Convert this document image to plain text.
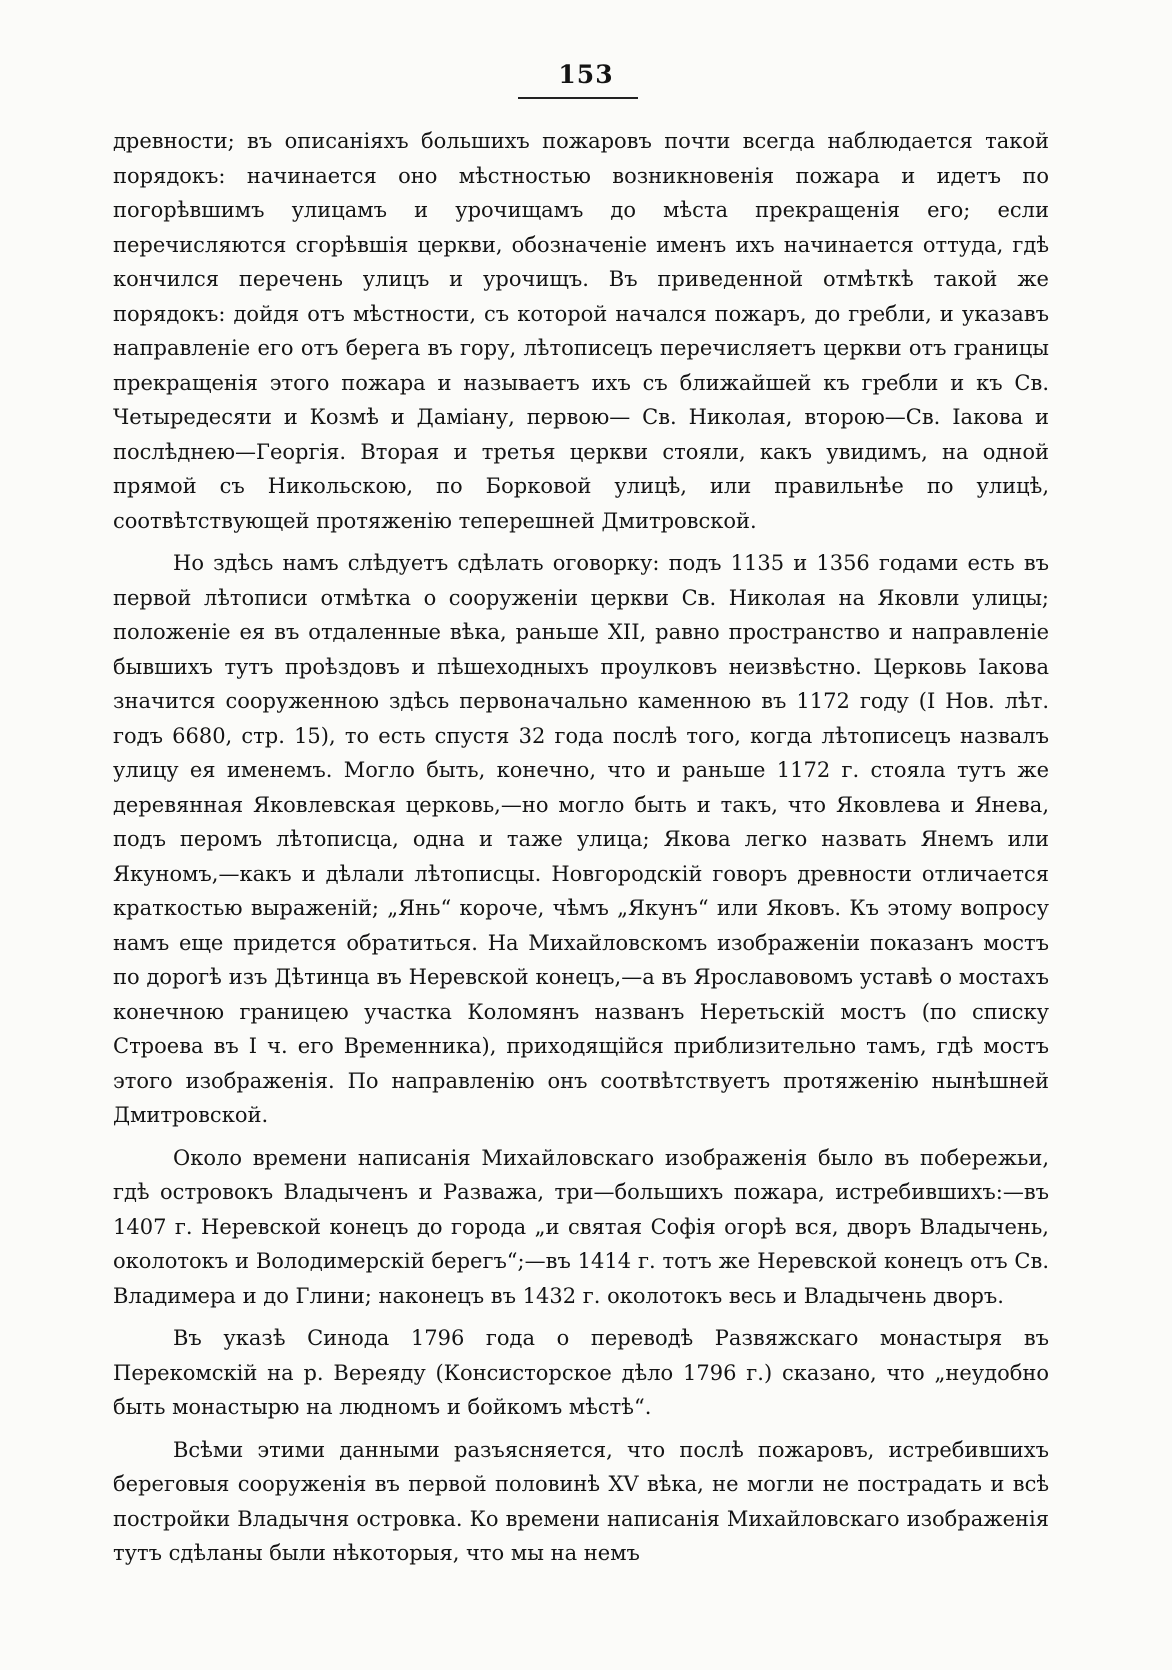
153

древности; въ описаніяхъ большихъ пожаровъ почти всегда наблюдается такой порядокъ: начинается оно мѣстностью возникновенія пожара и идетъ по погорѣвшимъ улицамъ и урочищамъ до мѣста прекращенія его; если перечисляются сгорѣвшія церкви, обозначеніе именъ ихъ начинается оттуда, гдѣ кончился перечень улицъ и урочищъ. Въ приведенной отмѣткѣ такой же порядокъ: дойдя отъ мѣстности, съ которой начался пожаръ, до гребли, и указавъ направленіе его отъ берега въ гору, лѣтописецъ перечисляетъ церкви отъ границы прекращенія этого пожара и называетъ ихъ съ ближайшей къ гребли и къ Св. Четыредесяти и Козмѣ и Даміану, первою— Св. Николая, второю—Св. Іакова и послѣднею—Георгія. Вторая и третья церкви стояли, какъ увидимъ, на одной прямой съ Никольскою, по Борковой улицѣ, или правильнѣе по улицѣ, соотвѣтствующей протяженію теперешней Дмитровской.

Но здѣсь намъ слѣдуетъ сдѣлать оговорку: подъ 1135 и 1356 годами есть въ первой лѣтописи отмѣтка о сооруженіи церкви Св. Николая на Яковли улицы; положеніе ея въ отдаленные вѣка, раньше XII, равно пространство и направленіе бывшихъ тутъ проѣздовъ и пѣшеходныхъ проулковъ неизвѣстно. Церковь Іакова значится сооруженною здѣсь первоначально каменною въ 1172 году (I Нов. лѣт. годъ 6680, стр. 15), то есть спустя 32 года послѣ того, когда лѣтописецъ назвалъ улицу ея именемъ. Могло быть, конечно, что и раньше 1172 г. стояла тутъ же деревянная Яковлевская церковь,—но могло быть и такъ, что Яковлева и Янева, подъ перомъ лѣтописца, одна и таже улица; Якова легко назвать Янемъ или Якуномъ,—какъ и дѣлали лѣтописцы. Новгородскій говоръ древности отличается краткостью выраженій; „Янь“ короче, чѣмъ „Якунъ“ или Яковъ. Къ этому вопросу намъ еще придется обратиться. На Михайловскомъ изображеніи показанъ мостъ по дорогѣ изъ Дѣтинца въ Неревской конецъ,—а въ Ярославовомъ уставѣ о мостахъ конечною границею участка Коломянъ названъ Неретьскій мостъ (по списку Строева въ I ч. его Временника), приходящійся приблизительно тамъ, гдѣ мостъ этого изображенія. По направленію онъ соотвѣтствуетъ протяженію нынѣшней Дмитровской.

Около времени написанія Михайловскаго изображенія было въ побережьи, гдѣ островокъ Владыченъ и Разважа, три—большихъ пожара, истребившихъ:—въ 1407 г. Неревской конецъ до города „и святая Софія огорѣ вся, дворъ Владычень, околотокъ и Володимерскій берегъ“;—въ 1414 г. тотъ же Неревской конецъ отъ Св. Владимера и до Глини; наконецъ въ 1432 г. околотокъ весь и Владычень дворъ.

Въ указѣ Синода 1796 года о переводѣ Развяжскаго монастыря въ Перекомскій на р. Вереяду (Консисторское дѣло 1796 г.) сказано, что „неудобно быть монастырю на людномъ и бойкомъ мѣстѣ“.

Всѣми этими данными разъясняется, что послѣ пожаровъ, истребившихъ береговыя сооруженія въ первой половинѣ XV вѣка, не могли не пострадать и всѣ постройки Владычня островка. Ко времени написанія Михайловскаго изображенія тутъ сдѣланы были нѣкоторыя, что мы на немъ
